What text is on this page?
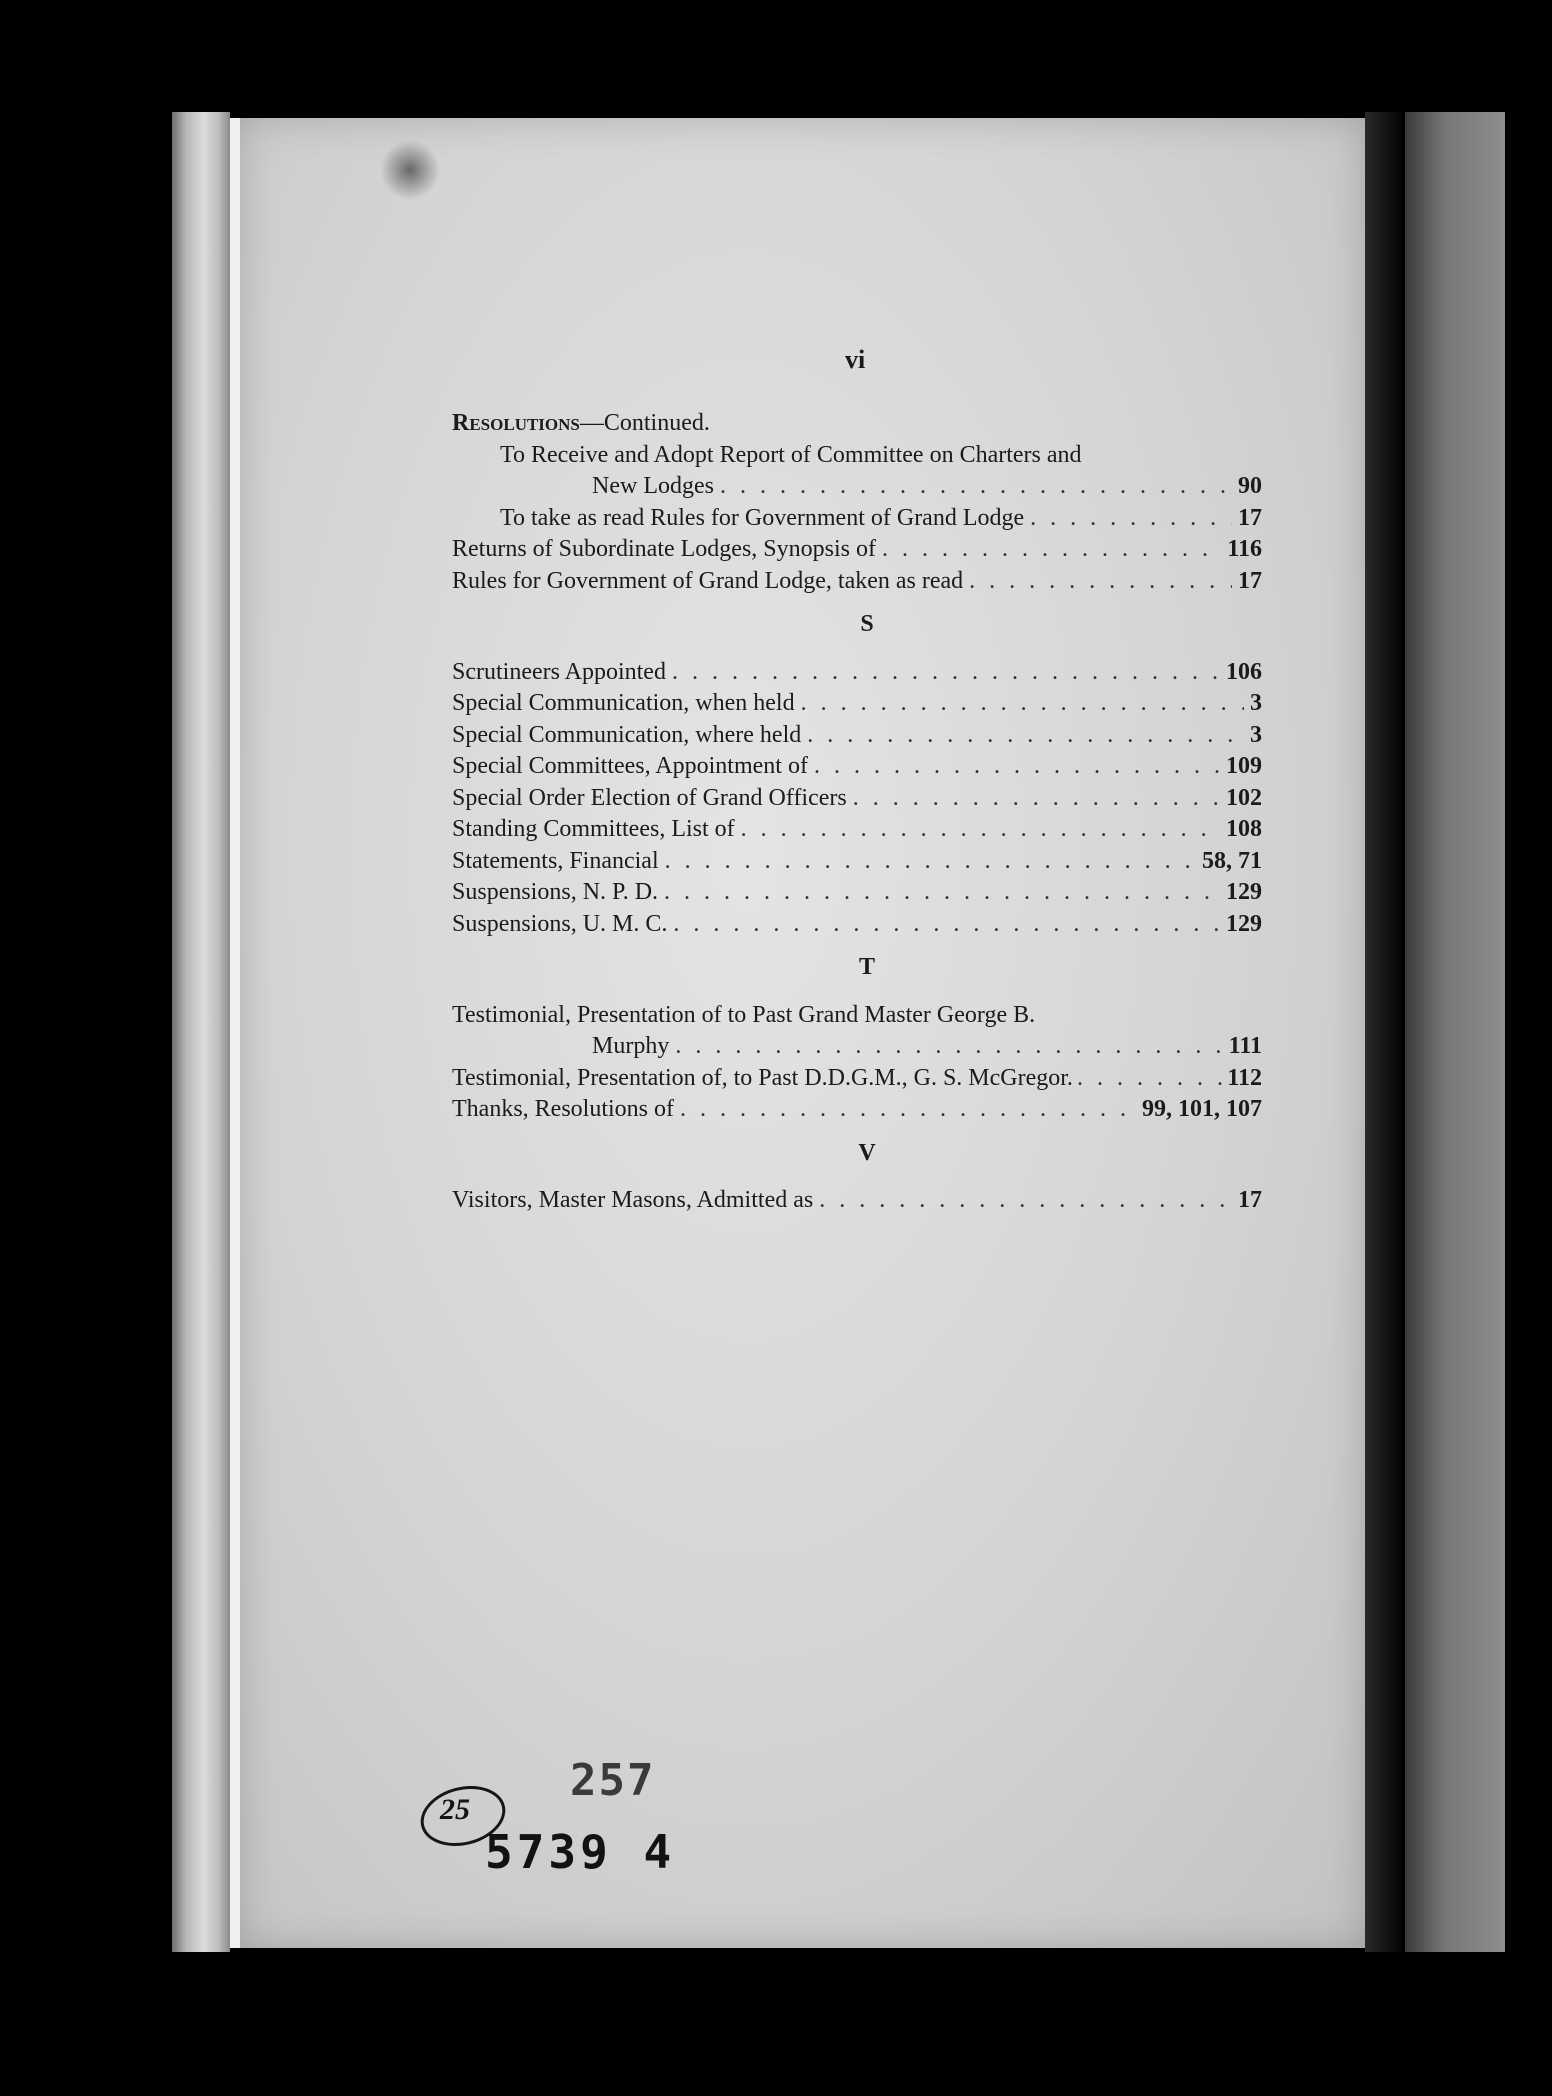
vi
Resolutions—Continued.
To Receive and Adopt Report of Committee on Charters and
New Lodges . . .	90
To take as read Rules for Government of Grand Lodge . . .	17
Returns of Subordinate Lodges, Synopsis of . . .	116
Rules for Government of Grand Lodge, taken as read . . .	17
S
Scrutineers Appointed . . .	106
Special Communication, when held . . .	3
Special Communication, where held . . .	3
Special Committees, Appointment of . . .	109
Special Order Election of Grand Officers . . .	102
Standing Committees, List of . . .	108
Statements, Financial . . .	58, 71
Suspensions, N. P. D. . . .	129
Suspensions, U. M. C. . . .	129
T
Testimonial, Presentation of to Past Grand Master George B.
Murphy . . .	111
Testimonial, Presentation of, to Past D.D.G.M., G. S. McGregor. . . .	112
Thanks, Resolutions of . . .	99, 101, 107
V
Visitors, Master Masons, Admitted as . . .	17
25
257
5739 4
